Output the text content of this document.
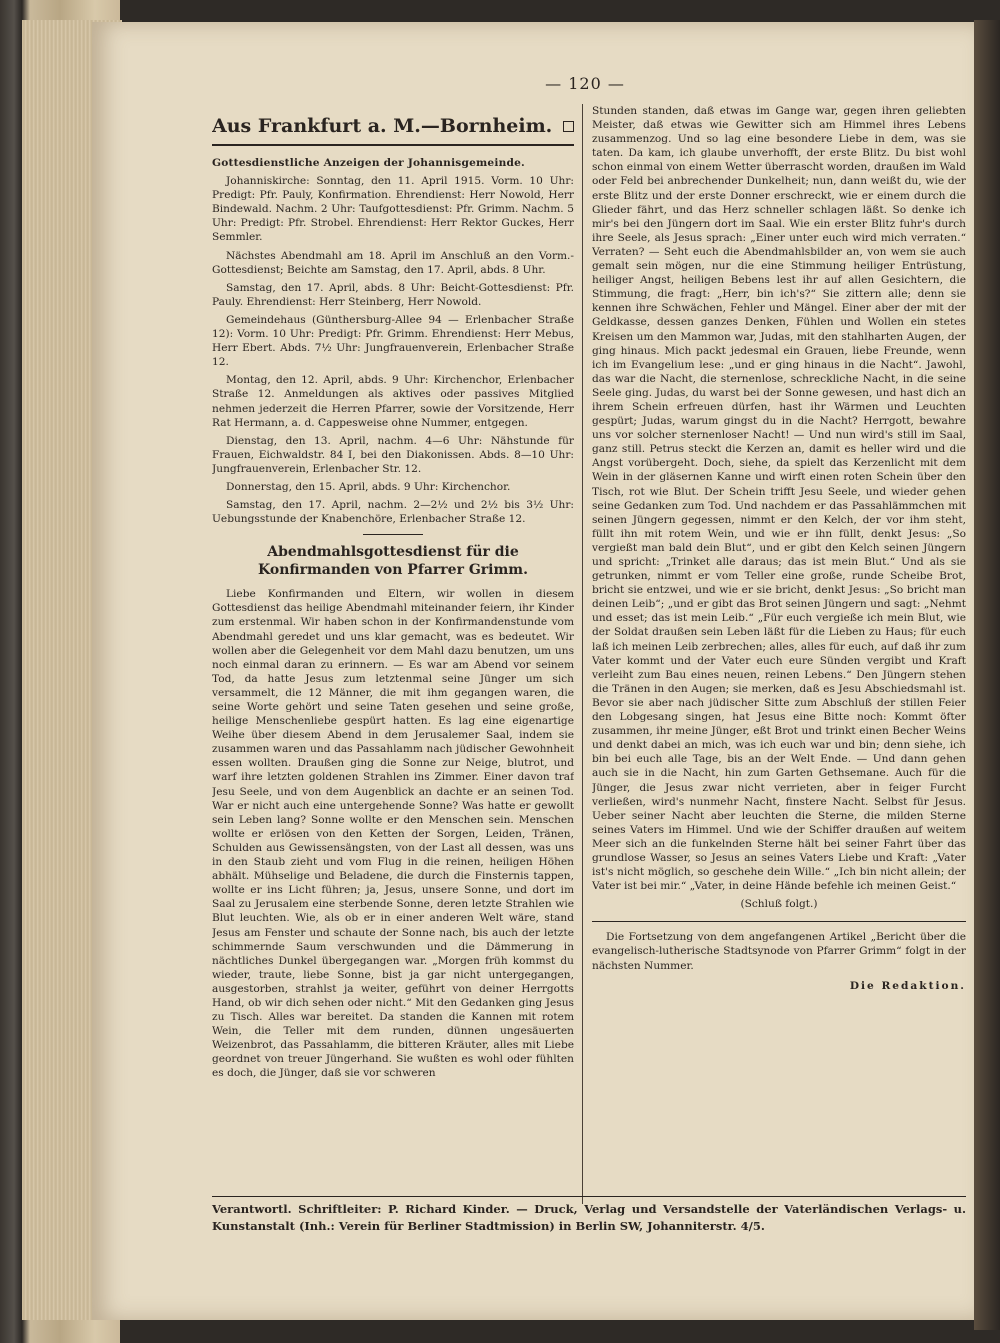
— 120 —
Aus Frankfurt a. M.—Bornheim.
Gottesdienstliche Anzeigen der Johannisgemeinde.

Johanniskirche: Sonntag, den 11. April 1915. Vorm. 10 Uhr: Predigt: Pfr. Pauly, Konfirmation. Ehrendienst: Herr Nowold, Herr Bindewald. Nachm. 2 Uhr: Taufgottesdienst: Pfr. Grimm. Nachm. 5 Uhr: Predigt: Pfr. Strobel. Ehrendienst: Herr Rektor Guckes, Herr Semmler.

Nächstes Abendmahl am 18. April im Anschluß an den Vorm.-Gottesdienst; Beichte am Samstag, den 17. April, abds. 8 Uhr.

Samstag, den 17. April, abds. 8 Uhr: Beicht-Gottesdienst: Pfr. Pauly. Ehrendienst: Herr Steinberg, Herr Nowold.

Gemeindehaus (Günthersburg-Allee 94 — Erlenbacher Straße 12): Vorm. 10 Uhr: Predigt: Pfr. Grimm. Ehrendienst: Herr Mebus, Herr Ebert. Abds. 7½ Uhr: Jungfrauenverein, Erlenbacher Straße 12.

Montag, den 12. April, abds. 9 Uhr: Kirchenchor, Erlenbacher Straße 12. Anmeldungen als aktives oder passives Mitglied nehmen jederzeit die Herren Pfarrer, sowie der Vorsitzende, Herr Rat Hermann, a. d. Cappesweise ohne Nummer, entgegen.

Dienstag, den 13. April, nachm. 4—6 Uhr: Nähstunde für Frauen, Eichwaldstr. 84 I, bei den Diakonissen. Abds. 8—10 Uhr: Jungfrauenverein, Erlenbacher Str. 12.

Donnerstag, den 15. April, abds. 9 Uhr: Kirchenchor.

Samstag, den 17. April, nachm. 2—2½ und 2½ bis 3½ Uhr: Uebungsstunde der Knabenchöre, Erlenbacher Straße 12.

Abendmahlsgottesdienst für die
Konfirmanden von Pfarrer Grimm.

Liebe Konfirmanden und Eltern, wir wollen in diesem Gottesdienst das heilige Abendmahl miteinander feiern, ihr Kinder zum erstenmal. Wir haben schon in der Konfirmandenstunde vom Abendmahl geredet und uns klar gemacht, was es bedeutet. Wir wollen aber die Gelegenheit vor dem Mahl dazu benutzen, um uns noch einmal daran zu erinnern. — Es war am Abend vor seinem Tod, da hatte Jesus zum letztenmal seine Jünger um sich versammelt, die 12 Männer, die mit ihm gegangen waren, die seine Worte gehört und seine Taten gesehen und seine große, heilige Menschenliebe gespürt hatten. Es lag eine eigenartige Weihe über diesem Abend in dem Jerusalemer Saal, indem sie zusammen waren und das Passahlamm nach jüdischer Gewohnheit essen wollten. Draußen ging die Sonne zur Neige, blutrot, und warf ihre letzten goldenen Strahlen ins Zimmer. Einer davon traf Jesu Seele, und von dem Augenblick an dachte er an seinen Tod. War er nicht auch eine untergehende Sonne? Was hatte er gewollt sein Leben lang? Sonne wollte er den Menschen sein. Menschen wollte er erlösen von den Ketten der Sorgen, Leiden, Tränen, Schulden aus Gewissensängsten, von der Last all dessen, was uns in den Staub zieht und vom Flug in die reinen, heiligen Höhen abhält. Mühselige und Beladene, die durch die Finsternis tappen, wollte er ins Licht führen; ja, Jesus, unsere Sonne, und dort im Saal zu Jerusalem eine sterbende Sonne, deren letzte Strahlen wie Blut leuchten. Wie, als ob er in einer anderen Welt wäre, stand Jesus am Fenster und schaute der Sonne nach, bis auch der letzte schimmernde Saum verschwunden und die Dämmerung in nächtliches Dunkel übergegangen war. „Morgen früh kommst du wieder, traute, liebe Sonne, bist ja gar nicht untergegangen, ausgestorben, strahlst ja weiter, geführt von deiner Herrgotts Hand, ob wir dich sehen oder nicht.“ Mit den Gedanken ging Jesus zu Tisch. Alles war bereitet. Da standen die Kannen mit rotem Wein, die Teller mit dem runden, dünnen ungesäuerten Weizenbrot, das Passahlamm, die bitteren Kräuter, alles mit Liebe geordnet von treuer Jüngerhand. Sie wußten es wohl oder fühlten es doch, die Jünger, daß sie vor schweren

Stunden standen, daß etwas im Gange war, gegen ihren geliebten Meister, daß etwas wie Gewitter sich am Himmel ihres Lebens zusammenzog. Und so lag eine besondere Liebe in dem, was sie taten. Da kam, ich glaube unverhofft, der erste Blitz. Du bist wohl schon einmal von einem Wetter überrascht worden, draußen im Wald oder Feld bei anbrechender Dunkelheit; nun, dann weißt du, wie der erste Blitz und der erste Donner erschreckt, wie er einem durch die Glieder fährt, und das Herz schneller schlagen läßt. So denke ich mir's bei den Jüngern dort im Saal. Wie ein erster Blitz fuhr's durch ihre Seele, als Jesus sprach: „Einer unter euch wird mich verraten.“ Verraten? — Seht euch die Abendmahlsbilder an, von wem sie auch gemalt sein mögen, nur die eine Stimmung heiliger Entrüstung, heiliger Angst, heiligen Bebens lest ihr auf allen Gesichtern, die Stimmung, die fragt: „Herr, bin ich's?“ Sie zittern alle; denn sie kennen ihre Schwächen, Fehler und Mängel. Einer aber der mit der Geldkasse, dessen ganzes Denken, Fühlen und Wollen ein stetes Kreisen um den Mammon war, Judas, mit den stahlharten Augen, der ging hinaus. Mich packt jedesmal ein Grauen, liebe Freunde, wenn ich im Evangelium lese: „und er ging hinaus in die Nacht“. Jawohl, das war die Nacht, die sternenlose, schreckliche Nacht, in die seine Seele ging. Judas, du warst bei der Sonne gewesen, und hast dich an ihrem Schein erfreuen dürfen, hast ihr Wärmen und Leuchten gespürt; Judas, warum gingst du in die Nacht? Herrgott, bewahre uns vor solcher sternenloser Nacht! — Und nun wird's still im Saal, ganz still. Petrus steckt die Kerzen an, damit es heller wird und die Angst vorübergeht. Doch, siehe, da spielt das Kerzenlicht mit dem Wein in der gläsernen Kanne und wirft einen roten Schein über den Tisch, rot wie Blut. Der Schein trifft Jesu Seele, und wieder gehen seine Gedanken zum Tod. Und nachdem er das Passahlämmchen mit seinen Jüngern gegessen, nimmt er den Kelch, der vor ihm steht, füllt ihn mit rotem Wein, und wie er ihn füllt, denkt Jesus: „So vergießt man bald dein Blut“, und er gibt den Kelch seinen Jüngern und spricht: „Trinket alle daraus; das ist mein Blut.“ Und als sie getrunken, nimmt er vom Teller eine große, runde Scheibe Brot, bricht sie entzwei, und wie er sie bricht, denkt Jesus: „So bricht man deinen Leib“; „und er gibt das Brot seinen Jüngern und sagt: „Nehmt und esset; das ist mein Leib.“ „Für euch vergieße ich mein Blut, wie der Soldat draußen sein Leben läßt für die Lieben zu Haus; für euch laß ich meinen Leib zerbrechen; alles, alles für euch, auf daß ihr zum Vater kommt und der Vater euch eure Sünden vergibt und Kraft verleiht zum Bau eines neuen, reinen Lebens.“ Den Jüngern stehen die Tränen in den Augen; sie merken, daß es Jesu Abschiedsmahl ist. Bevor sie aber nach jüdischer Sitte zum Abschluß der stillen Feier den Lobgesang singen, hat Jesus eine Bitte noch: Kommt öfter zusammen, ihr meine Jünger, eßt Brot und trinkt einen Becher Weins und denkt dabei an mich, was ich euch war und bin; denn siehe, ich bin bei euch alle Tage, bis an der Welt Ende. — Und dann gehen auch sie in die Nacht, hin zum Garten Gethsemane. Auch für die Jünger, die Jesus zwar nicht verrieten, aber in feiger Furcht verließen, wird's nunmehr Nacht, finstere Nacht. Selbst für Jesus. Ueber seiner Nacht aber leuchten die Sterne, die milden Sterne seines Vaters im Himmel. Und wie der Schiffer draußen auf weitem Meer sich an die funkelnden Sterne hält bei seiner Fahrt über das grundlose Wasser, so Jesus an seines Vaters Liebe und Kraft: „Vater ist's nicht möglich, so geschehe dein Wille.“ „Ich bin nicht allein; der Vater ist bei mir.“ „Vater, in deine Hände befehle ich meinen Geist.“

(Schluß folgt.)

Die Fortsetzung von dem angefangenen Artikel „Bericht über die evangelisch-lutherische Stadtsynode von Pfarrer Grimm“ folgt in der nächsten Nummer.

Die Redaktion.
Verantwortl. Schriftleiter: P. Richard Kinder. — Druck, Verlag und Versandstelle der Vaterländischen Verlags- u. Kunstanstalt (Inh.: Verein für Berliner Stadtmission) in Berlin SW, Johanniterstr. 4/5.
